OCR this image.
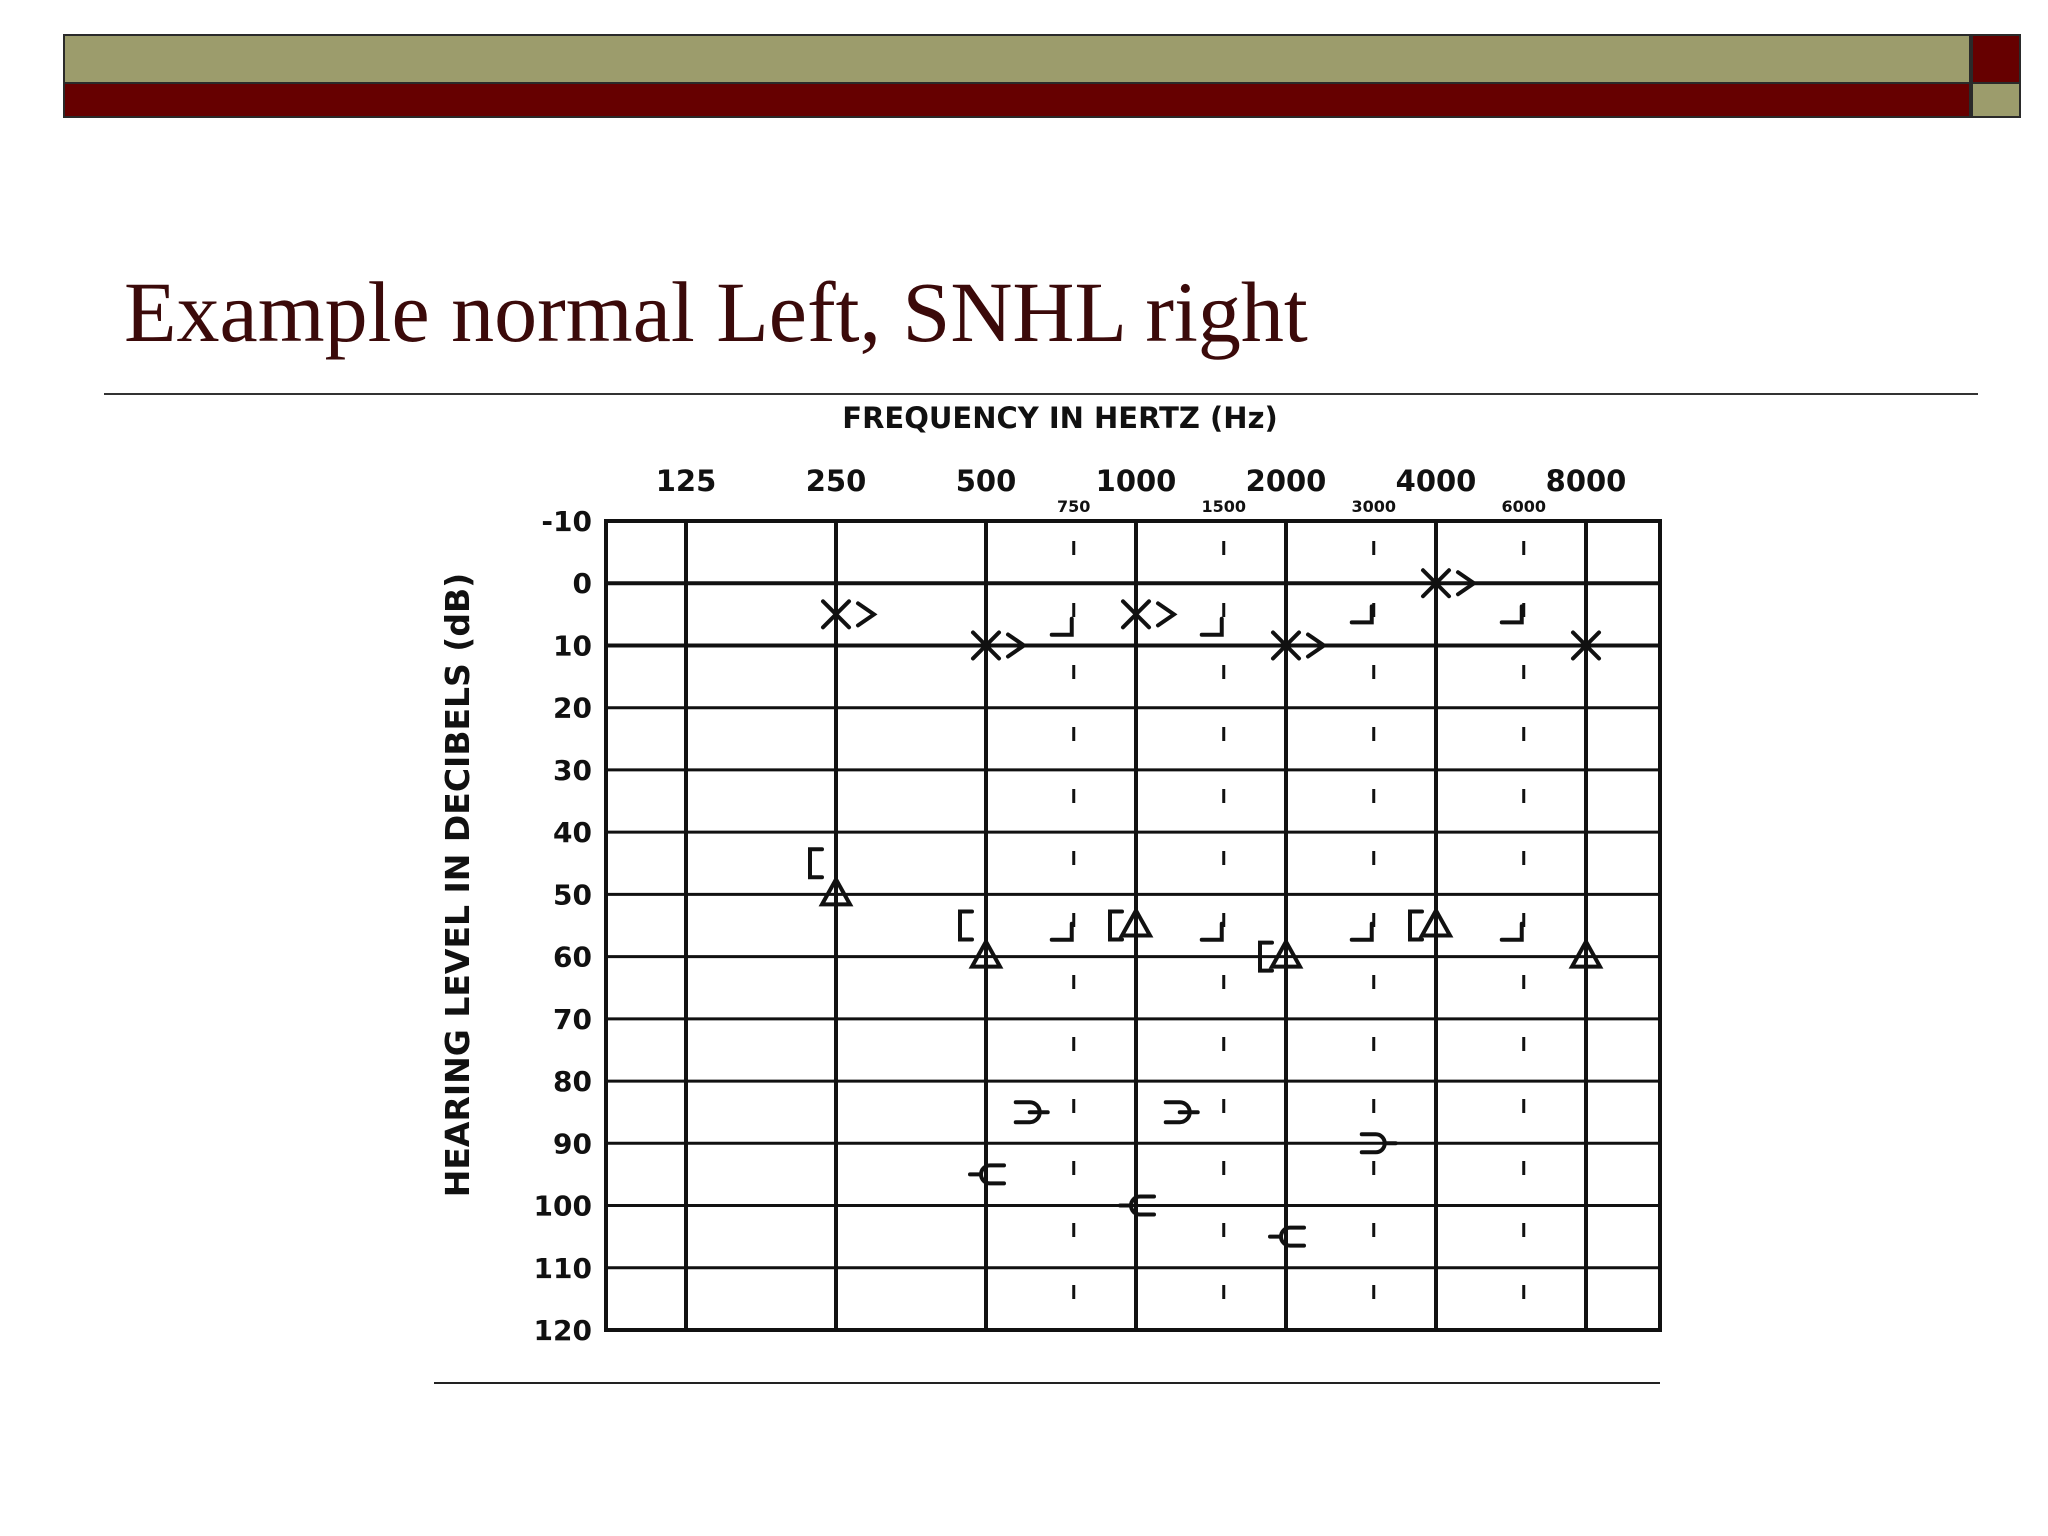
Example normal Left, SNHL right
FREQUENCY IN HERTZ (Hz)
HEARING LEVEL IN DECIBELS (dB)
-10
0
10
20
30
40
50
60
70
80
90
100
110
120
125	250	500	1000 2000 4000 8000
750	1500	3000	6000
